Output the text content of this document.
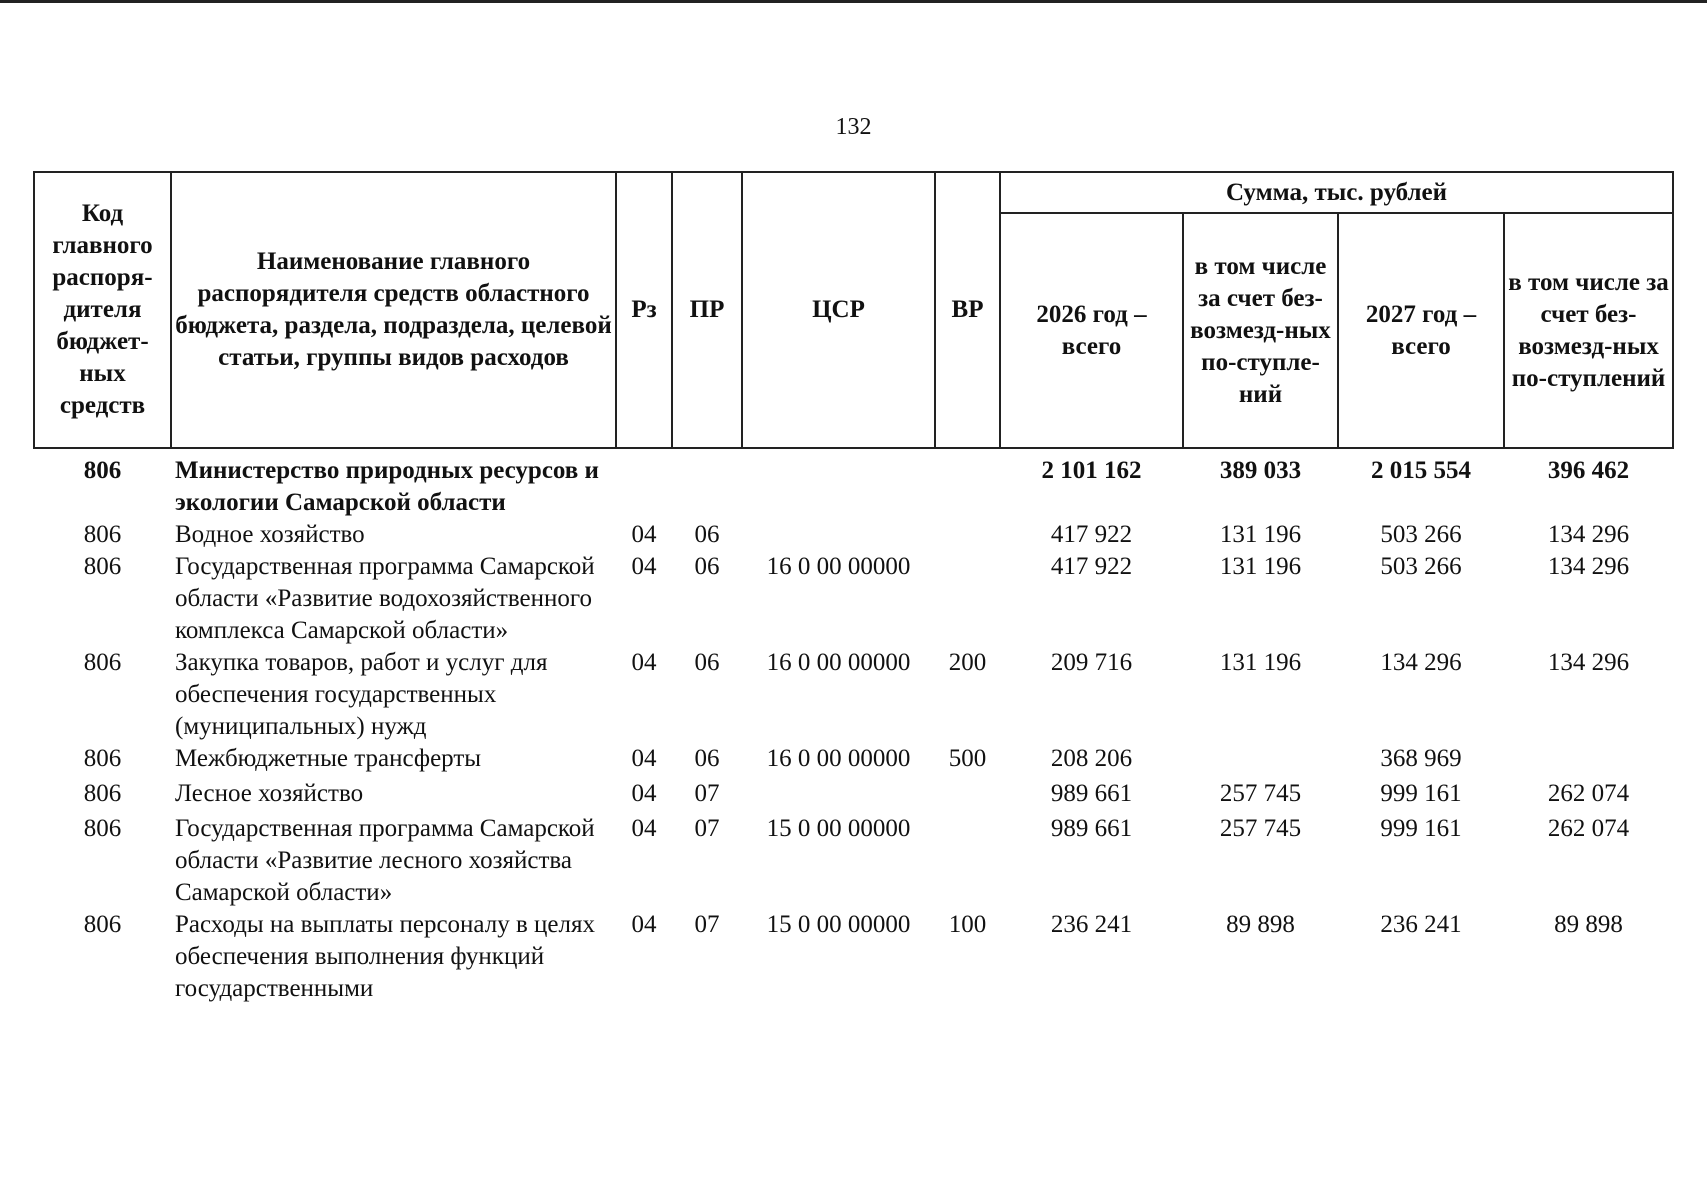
132
Код главного распоря-дителя бюджет-ных средств	Наименование главного распорядителя средств областного бюджета, раздела, подраздела, целевой статьи, группы видов расходов	Рз	ПР	ЦСР	ВР	Сумма, тыс. рублей			
						2026 год – всего	в том числе за счет без-возмезд-ных по-ступле-ний	2027 год – всего	в том числе за счет без-возмезд-ных по-ступлений
806	Министерство природных ресурсов и экологии Самарской области					2 101 162	389 033	2 015 554	396 462
806	Водное хозяйство	04	06			417 922	131 196	503 266	134 296
806	Государственная программа Самарской области «Развитие водохозяйственного комплекса Самарской области»	04	06	16 0 00 00000		417 922	131 196	503 266	134 296
806	Закупка товаров, работ и услуг для обеспечения государственных (муниципальных) нужд	04	06	16 0 00 00000	200	209 716	131 196	134 296	134 296
806	Межбюджетные трансферты	04	06	16 0 00 00000	500	208 206		368 969	
806	Лесное хозяйство	04	07			989 661	257 745	999 161	262 074
806	Государственная программа Самарской области «Развитие лесного хозяйства Самарской области»	04	07	15 0 00 00000		989 661	257 745	999 161	262 074
806	Расходы на выплаты персоналу в целях обеспечения выполнения функций государственными	04	07	15 0 00 00000	100	236 241	89 898	236 241	89 898
